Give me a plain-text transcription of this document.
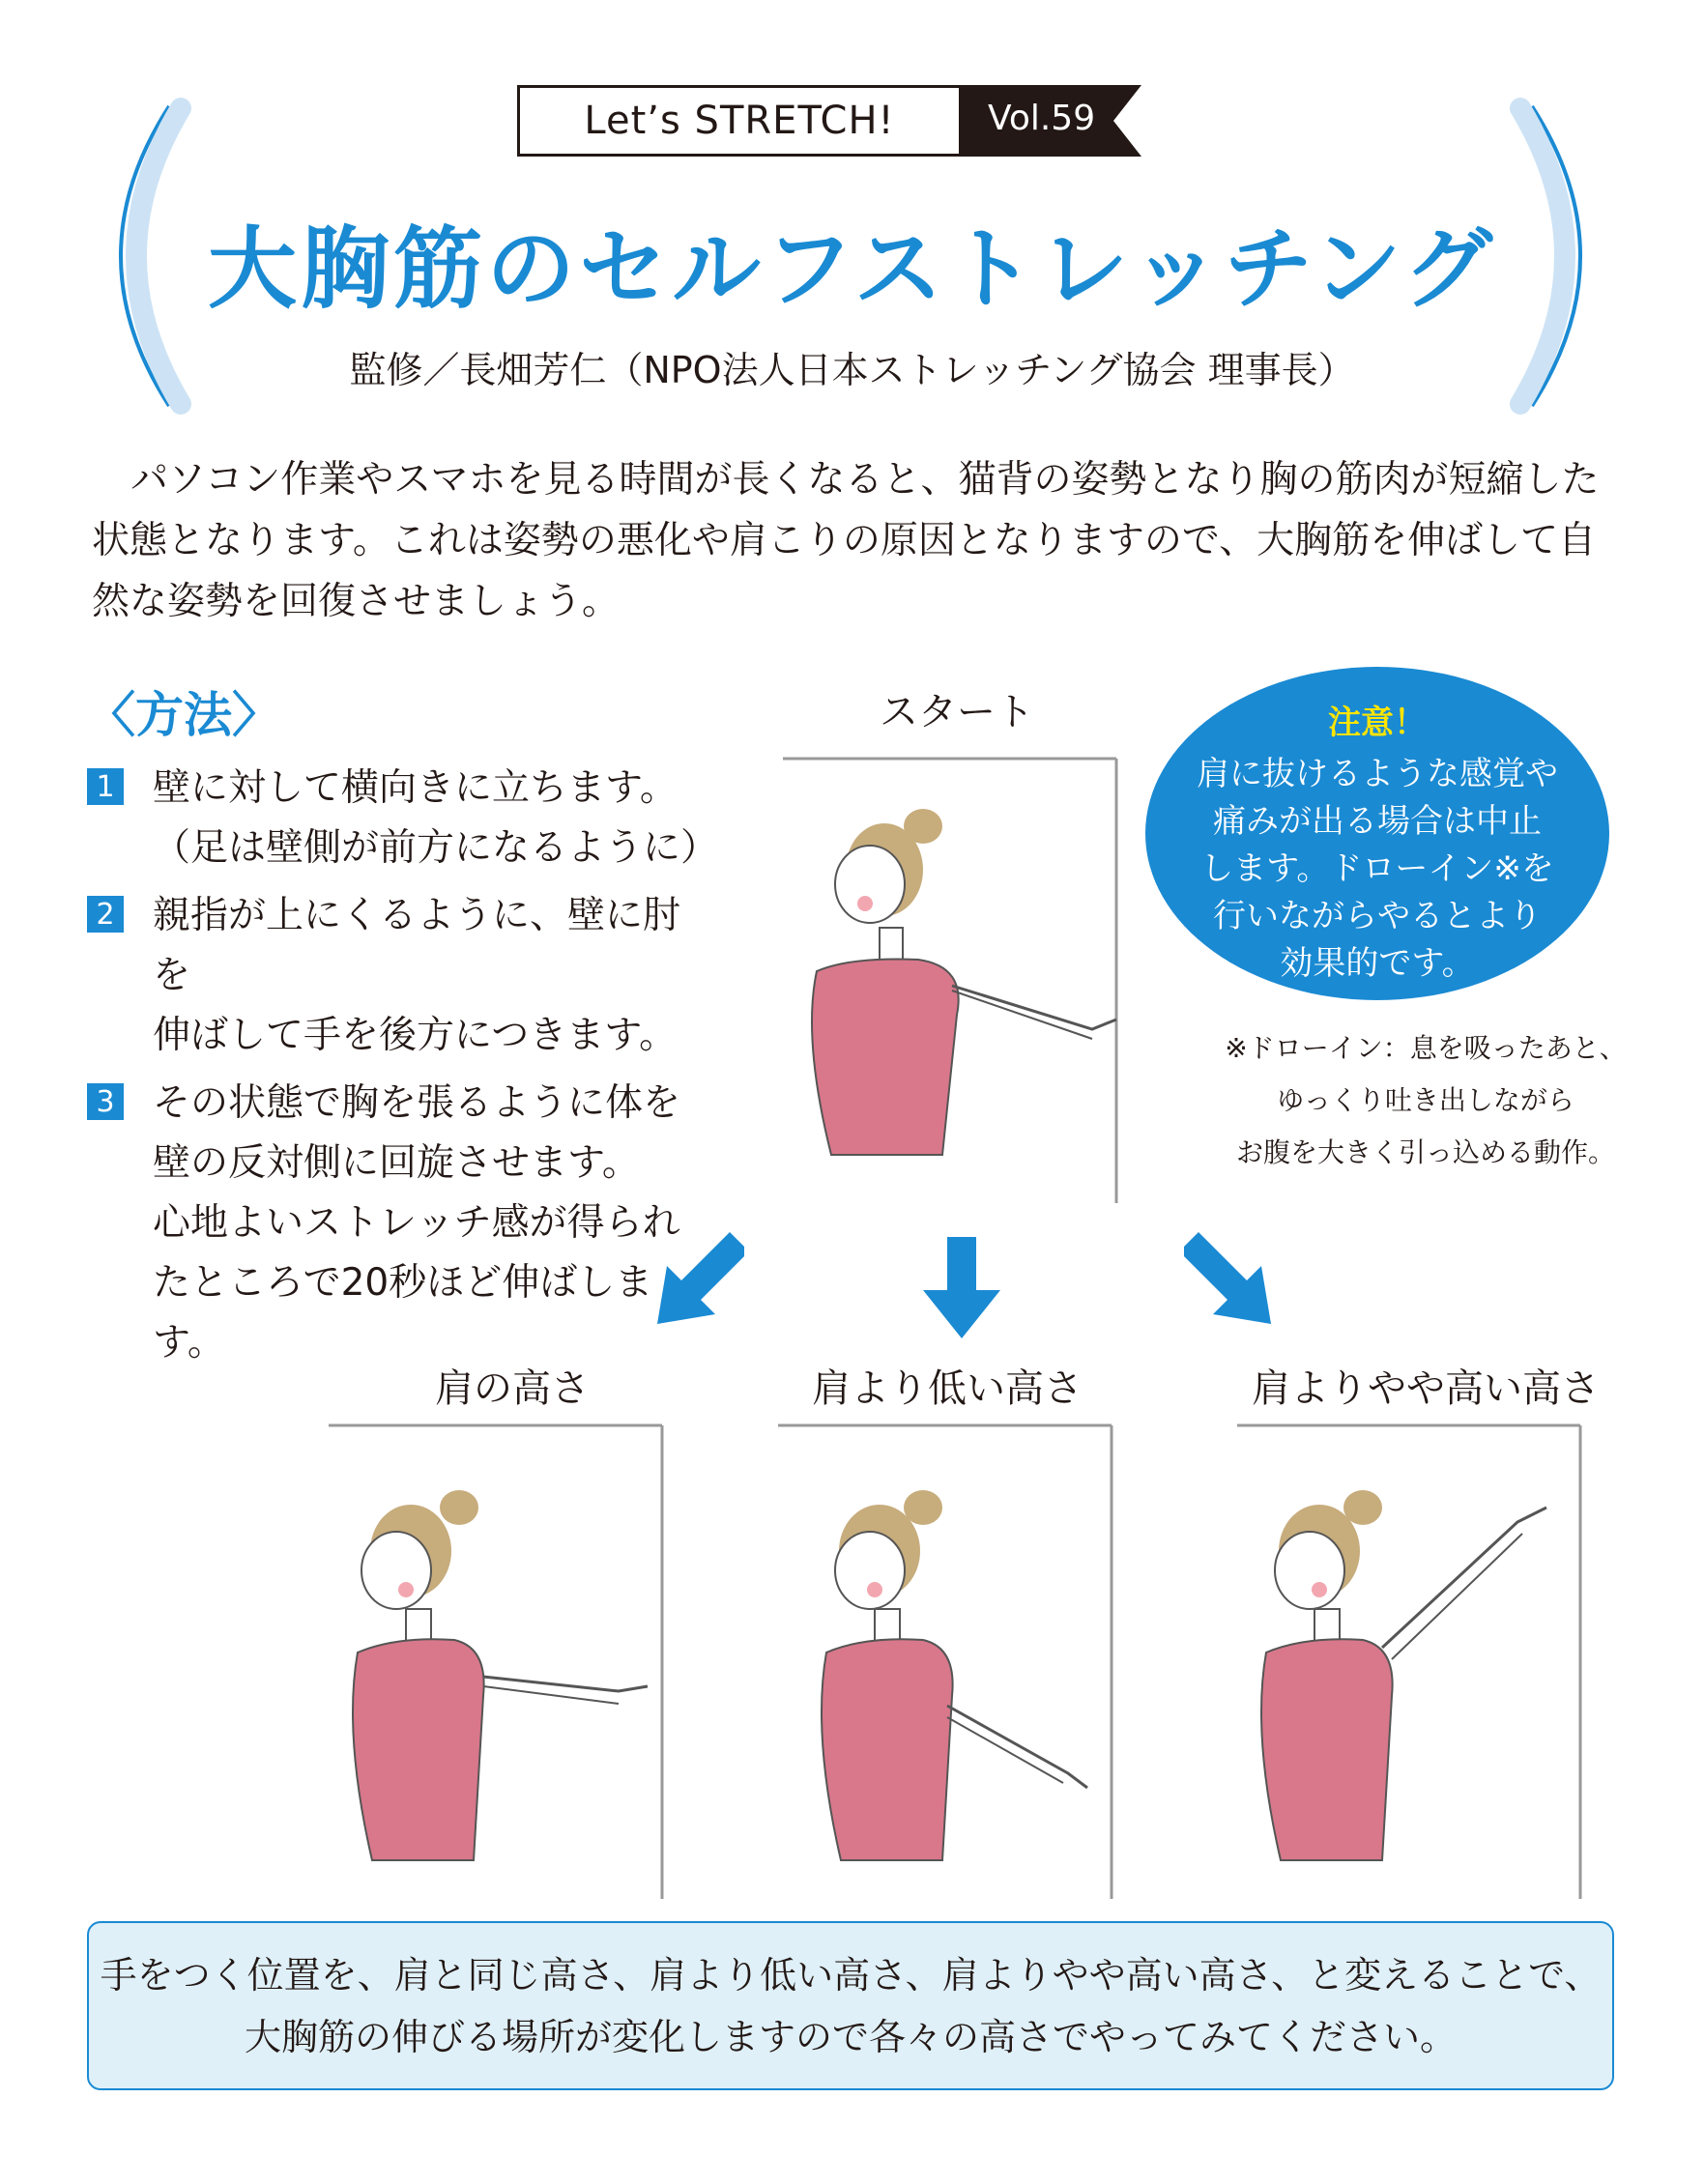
Let’s STRETCH!	Vol.59
大胸筋のセルフストレッチング
監修／長畑芳仁（NPO法人日本ストレッチング協会 理事長）
パソコン作業やスマホを見る時間が長くなると、猫背の姿勢となり胸の筋肉が短縮した状態となります。これは姿勢の悪化や肩こりの原因となりますので、大胸筋を伸ばして自然な姿勢を回復させましょう。
〈方法〉
1 壁に対して横向きに立ちます。
（足は壁側が前方になるように）
2 親指が上にくるように、壁に肘を
伸ばして手を後方につきます。
3 その状態で胸を張るように体を
壁の反対側に回旋させます。
心地よいストレッチ感が得られ
たところで20秒ほど伸ばします。
スタート	注意！
肩に抜けるような感覚や
痛みが出る場合は中止
します。ドローイン※を
行いながらやるとより
効果的です。
※ドローイン：息を吸ったあと、
ゆっくり吐き出しながら
お腹を大きく引っ込める動作。
肩の高さ	肩より低い高さ	肩よりやや高い高さ
手をつく位置を、肩と同じ高さ、肩より低い高さ、肩よりやや高い高さ、と変えることで、
大胸筋の伸びる場所が変化しますので各々の高さでやってみてください。
